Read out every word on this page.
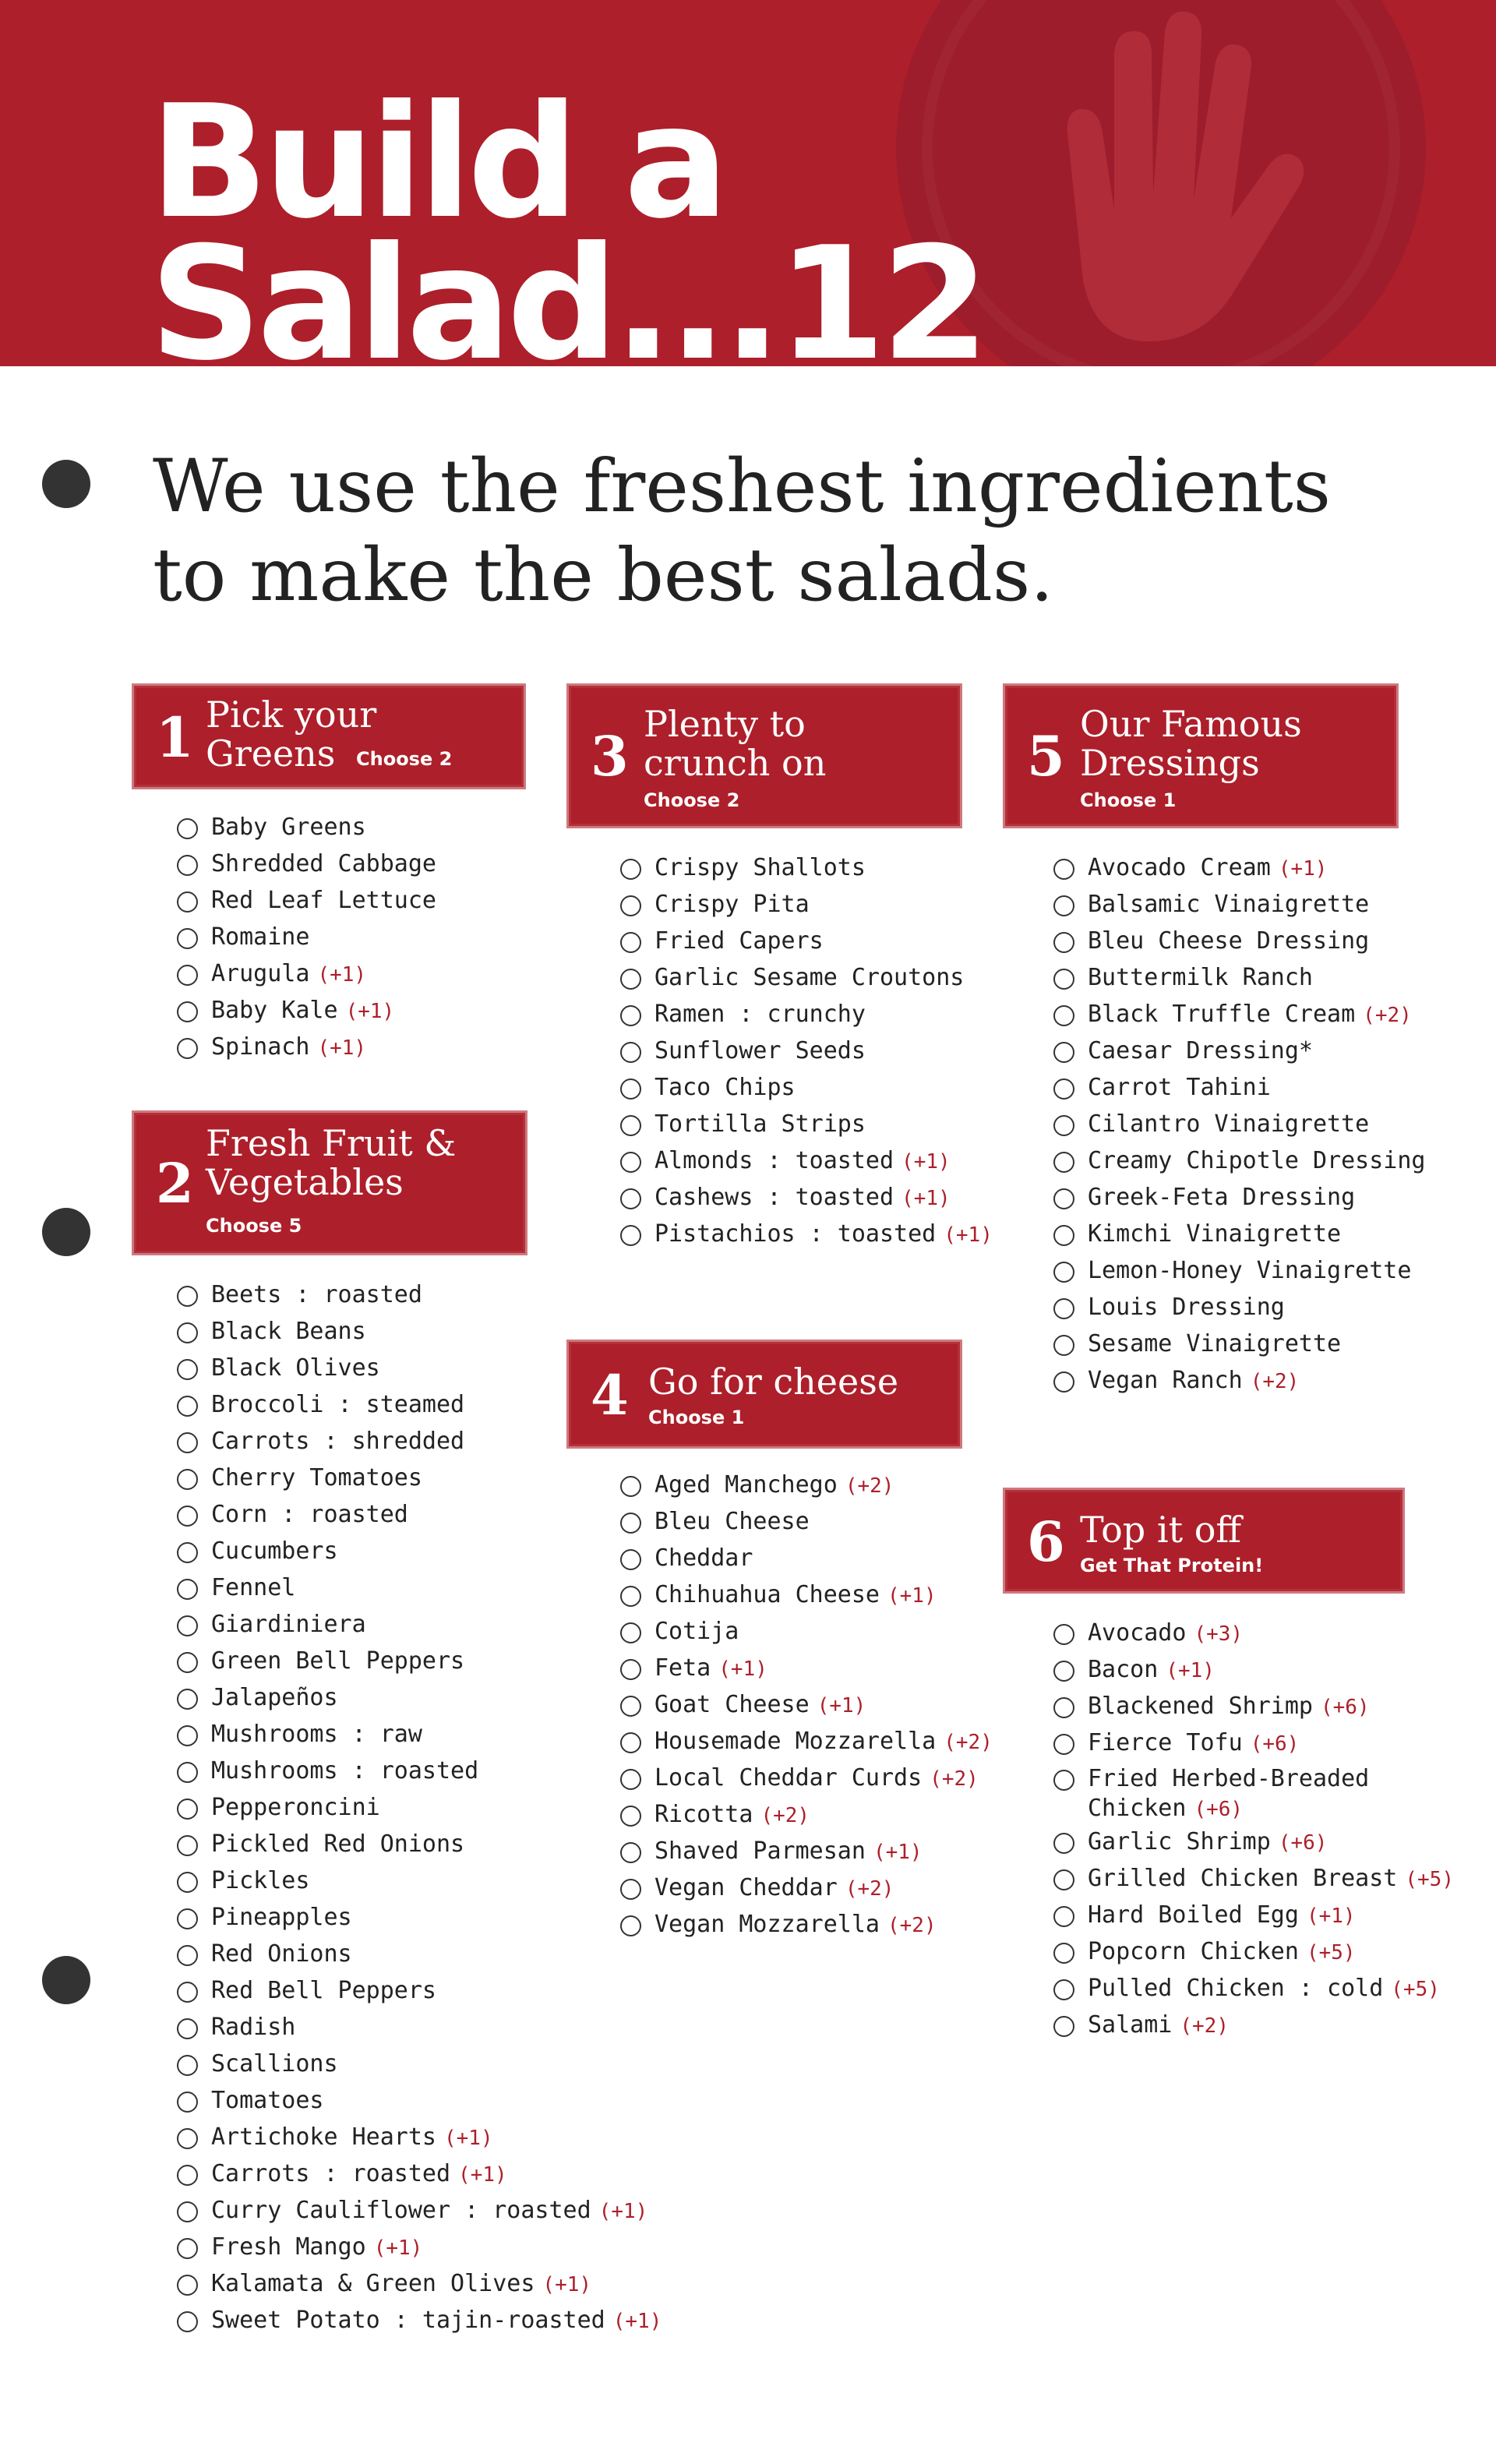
Build a
Salad...12
We use the freshest ingredients
to make the best salads.
1 Pick your
Greens Choose 2
Baby Greens
Shredded Cabbage
Red Leaf Lettuce
Romaine
Arugula (+1)
Baby Kale (+1)
Spinach (+1)
2
Fresh Fruit &
Vegetables
Choose 5
Beets : roasted
Black Beans
Black Olives
Broccoli : steamed
Carrots : shredded
Cherry Tomatoes
Corn : roasted
Cucumbers
Fennel
Giardiniera
Green Bell Peppers
Jalapeños
Mushrooms : raw
Mushrooms : roasted
Pepperoncini
Pickled Red Onions
Pickles
Pineapples
Red Onions
Red Bell Peppers
Radish
Scallions
Tomatoes
Artichoke Hearts (+1)
Carrots : roasted (+1)
Curry Cauliflower : roasted (+1)
Fresh Mango (+1)
Kalamata & Green Olives (+1)
Sweet Potato : tajin-roasted (+1)
3 Plenty to
crunch on
Choose 2
Crispy Shallots
Crispy Pita
Fried Capers
Garlic Sesame Croutons
Ramen : crunchy
Sunflower Seeds
Taco Chips
Tortilla Strips
Almonds : toasted (+1)
Cashews : toasted (+1)
Pistachios : toasted (+1)
4 Go for cheese
Choose 1
Aged Manchego (+2)
Bleu Cheese
Cheddar
Chihuahua Cheese (+1)
Cotija
Feta (+1)
Goat Cheese (+1)
Housemade Mozzarella (+2)
Local Cheddar Curds (+2)
Ricotta (+2)
Shaved Parmesan (+1)
Vegan Cheddar (+2)
Vegan Mozzarella (+2)
5 Our Famous
Dressings
Choose 1
Avocado Cream (+1)
Balsamic Vinaigrette
Bleu Cheese Dressing
Buttermilk Ranch
Black Truffle Cream (+2)
Caesar Dressing*
Carrot Tahini
Cilantro Vinaigrette
Creamy Chipotle Dressing
Greek-Feta Dressing
Kimchi Vinaigrette
Lemon-Honey Vinaigrette
Louis Dressing
Sesame Vinaigrette
Vegan Ranch (+2)
6 Top it off
Get That Protein!
Avocado (+3)
Bacon (+1)
Blackened Shrimp (+6)
Fierce Tofu (+6)
Fried Herbed-Breaded Chicken (+6)
Garlic Shrimp (+6)
Grilled Chicken Breast (+5)
Hard Boiled Egg (+1)
Popcorn Chicken (+5)
Pulled Chicken : cold (+5)
Salami (+2)
